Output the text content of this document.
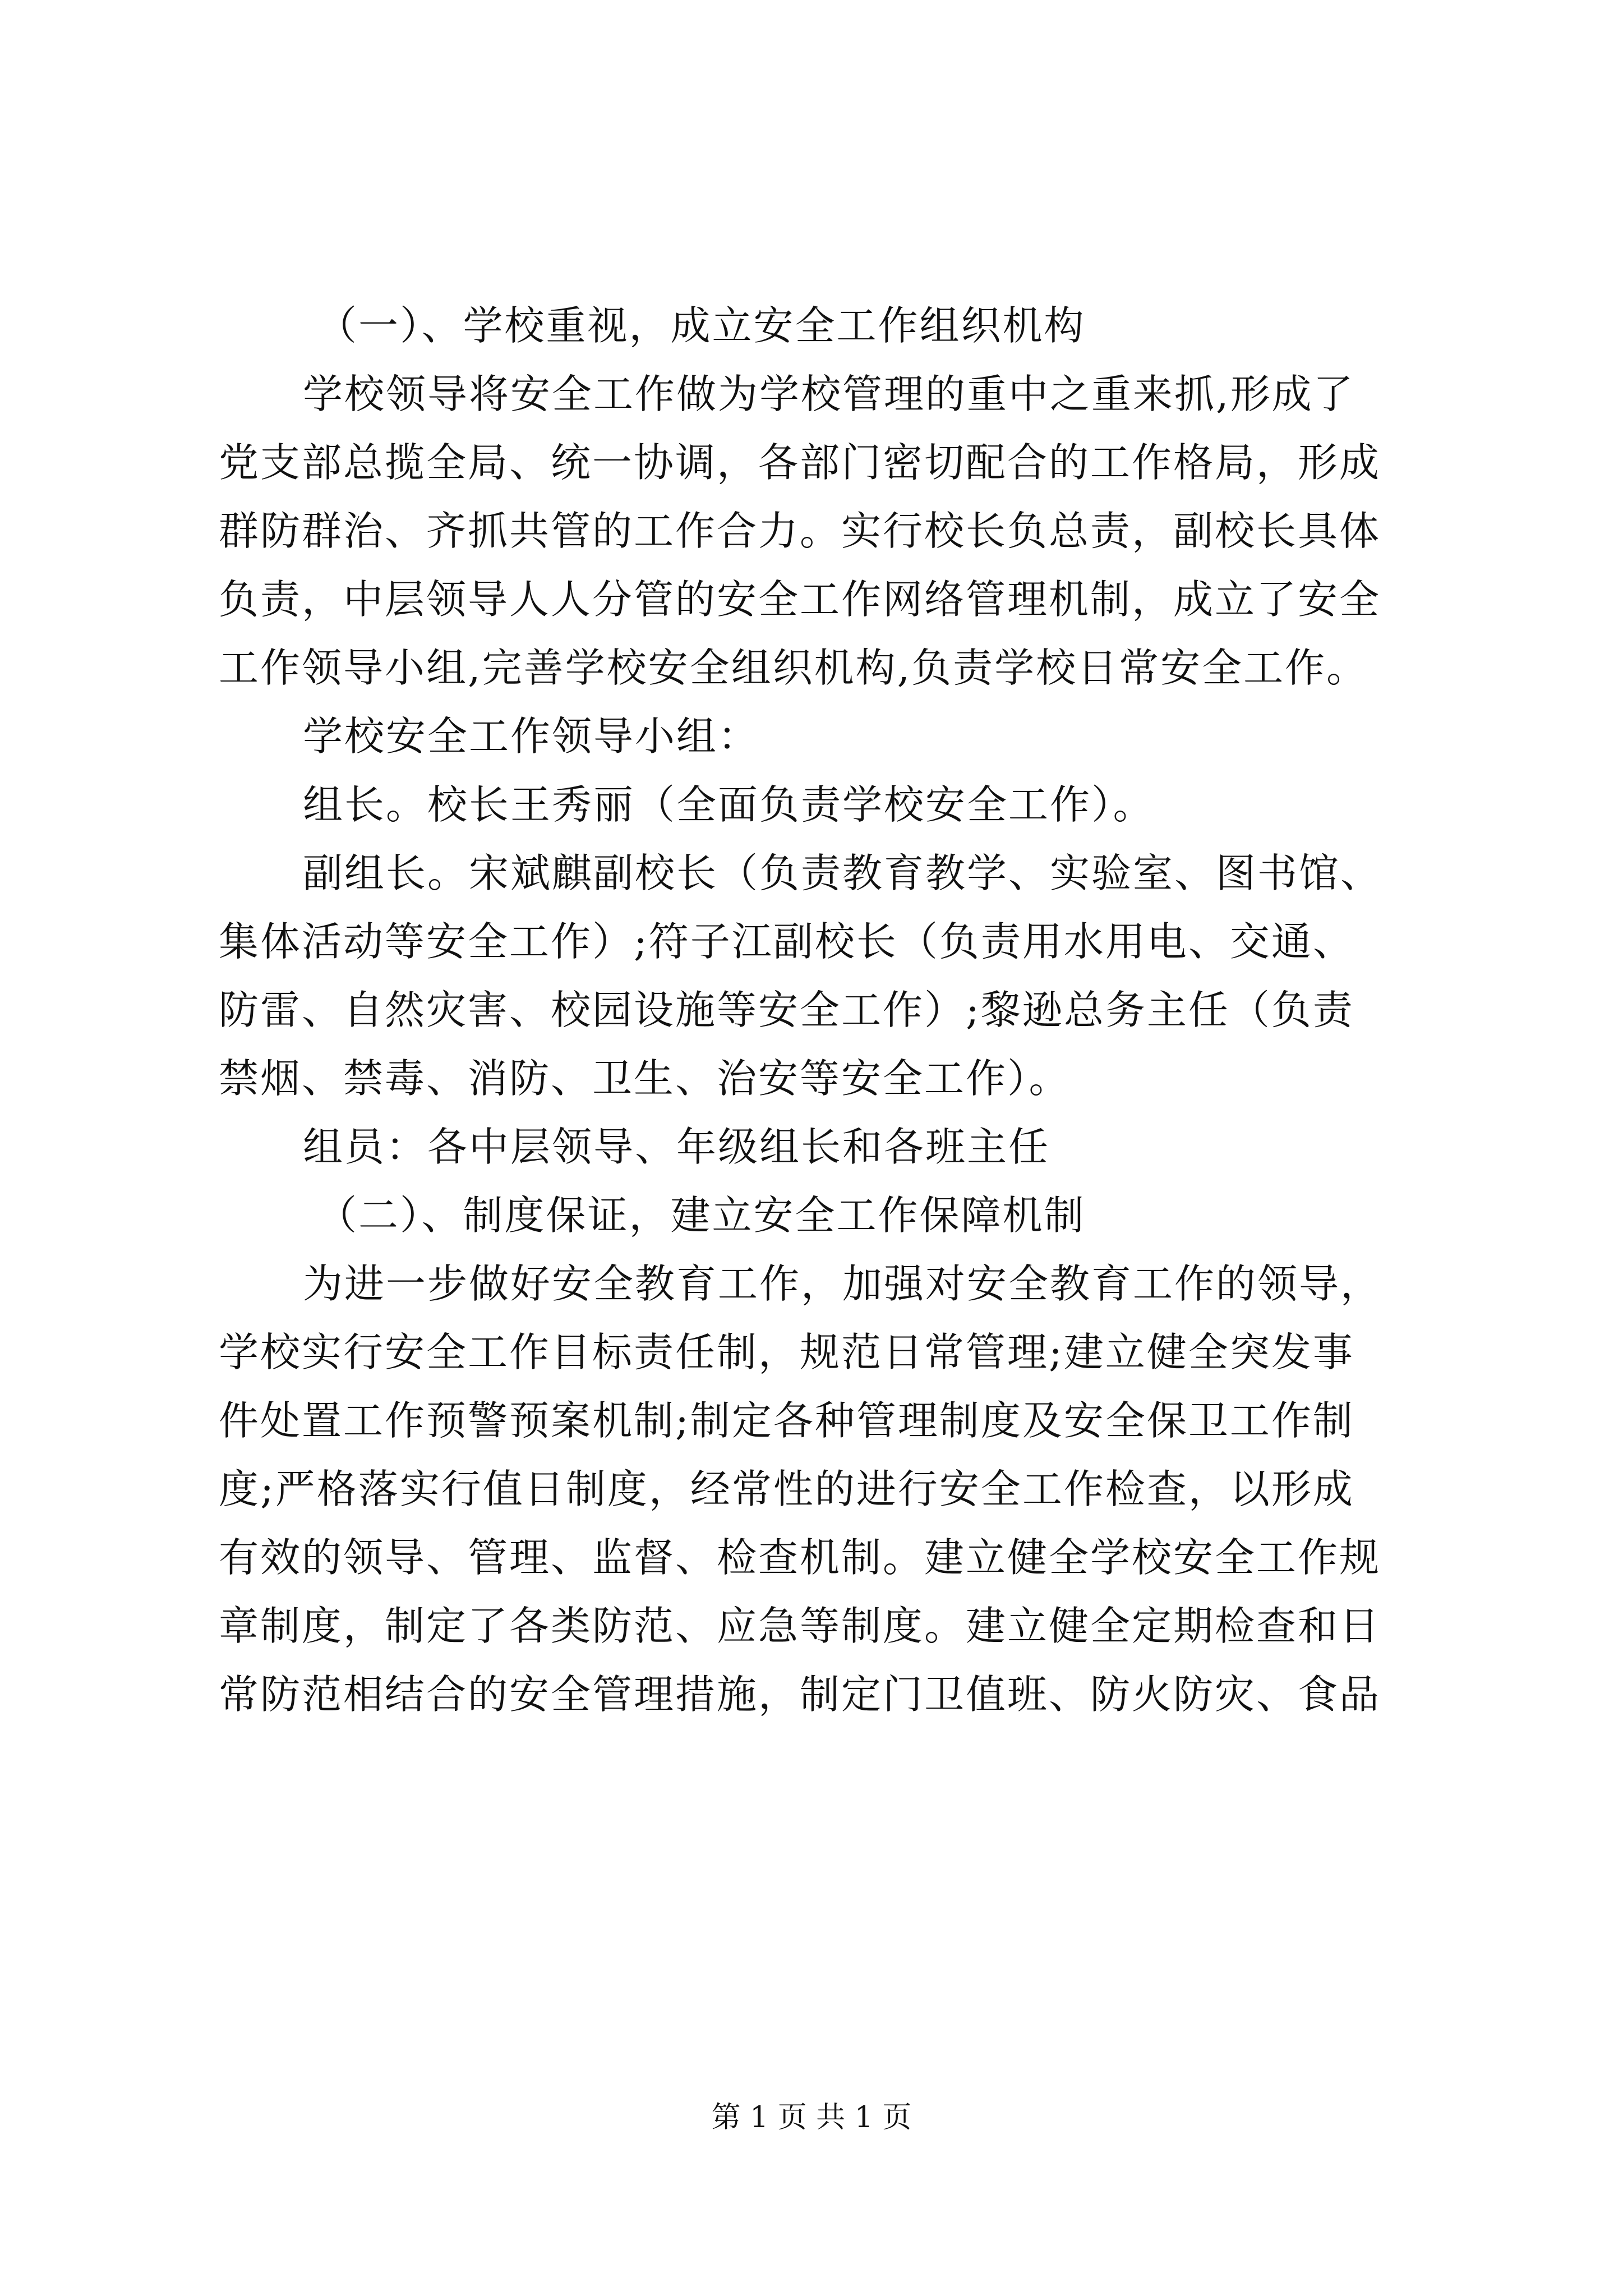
（一）、学校重视，成立安全工作组织机构
学校领导将安全工作做为学校管理的重中之重来抓,形成了
党支部总揽全局、统一协调，各部门密切配合的工作格局，形成
群防群治、齐抓共管的工作合力。实行校长负总责，副校长具体
负责，中层领导人人分管的安全工作网络管理机制，成立了安全
工作领导小组,完善学校安全组织机构,负责学校日常安全工作。
学校安全工作领导小组：
组长。校长王秀丽（全面负责学校安全工作）。
副组长。宋斌麒副校长（负责教育教学、实验室、图书馆、
集体活动等安全工作）;符子江副校长（负责用水用电、交通、
防雷、自然灾害、校园设施等安全工作）;黎逊总务主任（负责
禁烟、禁毒、消防、卫生、治安等安全工作）。
组员：各中层领导、年级组长和各班主任
（二）、制度保证，建立安全工作保障机制
为进一步做好安全教育工作，加强对安全教育工作的领导，
学校实行安全工作目标责任制，规范日常管理;建立健全突发事
件处置工作预警预案机制;制定各种管理制度及安全保卫工作制
度;严格落实行值日制度，经常性的进行安全工作检查，以形成
有效的领导、管理、监督、检查机制。建立健全学校安全工作规
章制度，制定了各类防范、应急等制度。建立健全定期检查和日
常防范相结合的安全管理措施，制定门卫值班、防火防灾、食品
第 1 页 共 1 页
